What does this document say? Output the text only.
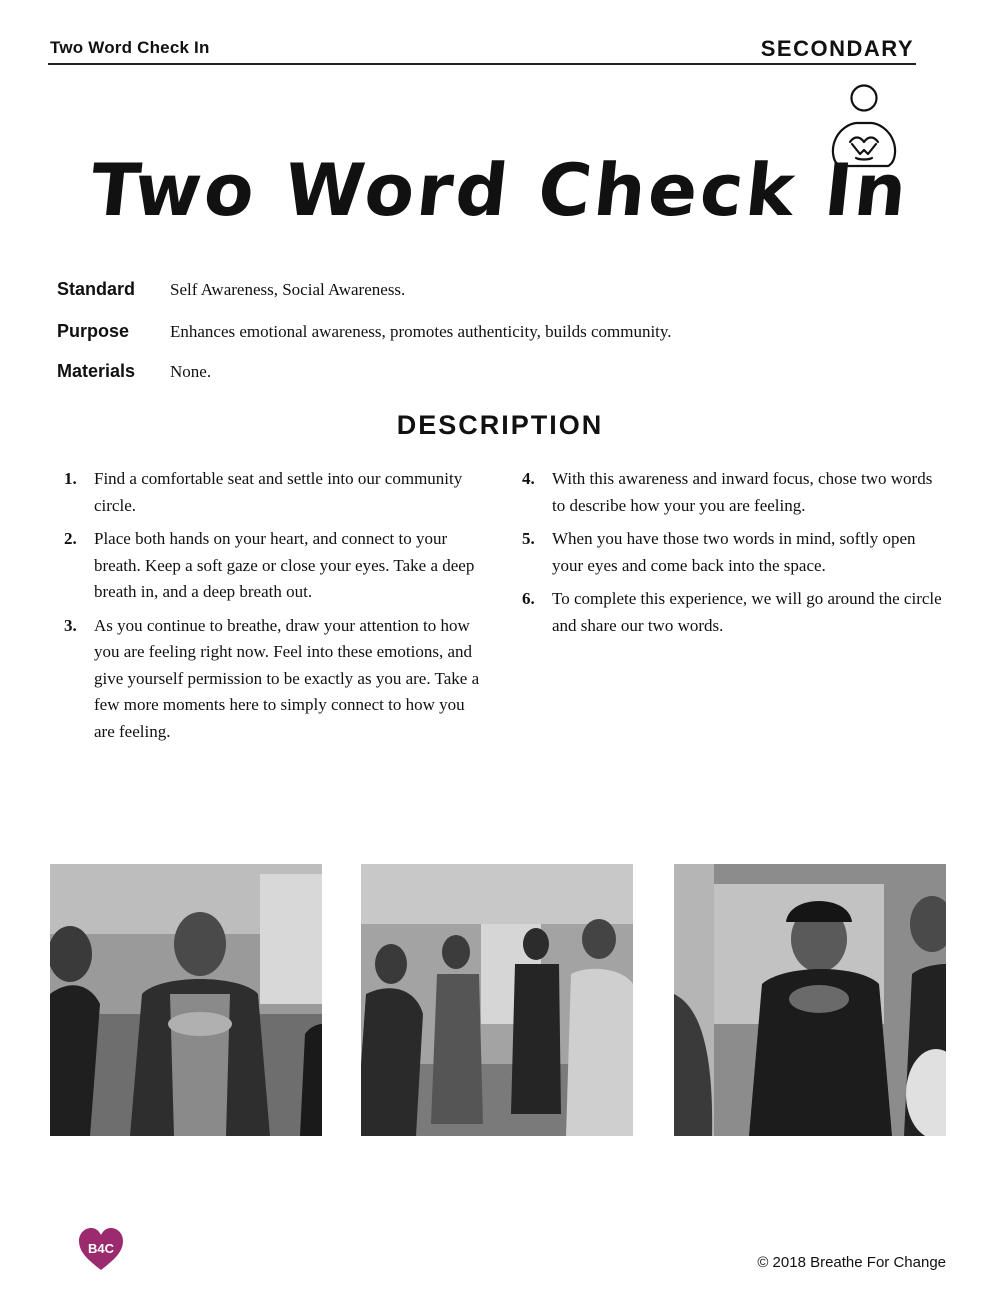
Two Word Check In	SECONDARY
Two Word Check In
Standard Self Awareness, Social Awareness.
Purpose Enhances emotional awareness, promotes authenticity, builds community.
Materials None.
DESCRIPTION
1. Find a comfortable seat and settle into our community circle.
2. Place both hands on your heart, and connect to your breath. Keep a soft gaze or close your eyes. Take a deep breath in, and a deep breath out.
3. As you continue to breathe, draw your attention to how you are feeling right now. Feel into these emotions, and give yourself permission to be exactly as you are. Take a few more moments here to simply connect to how you are feeling.
4. With this awareness and inward focus, chose two words to describe how your you are feeling.
5. When you have those two words in mind, softly open your eyes and come back into the space.
6. To complete this experience, we will go around the circle and share our two words.
B4C
© 2018 Breathe For Change
